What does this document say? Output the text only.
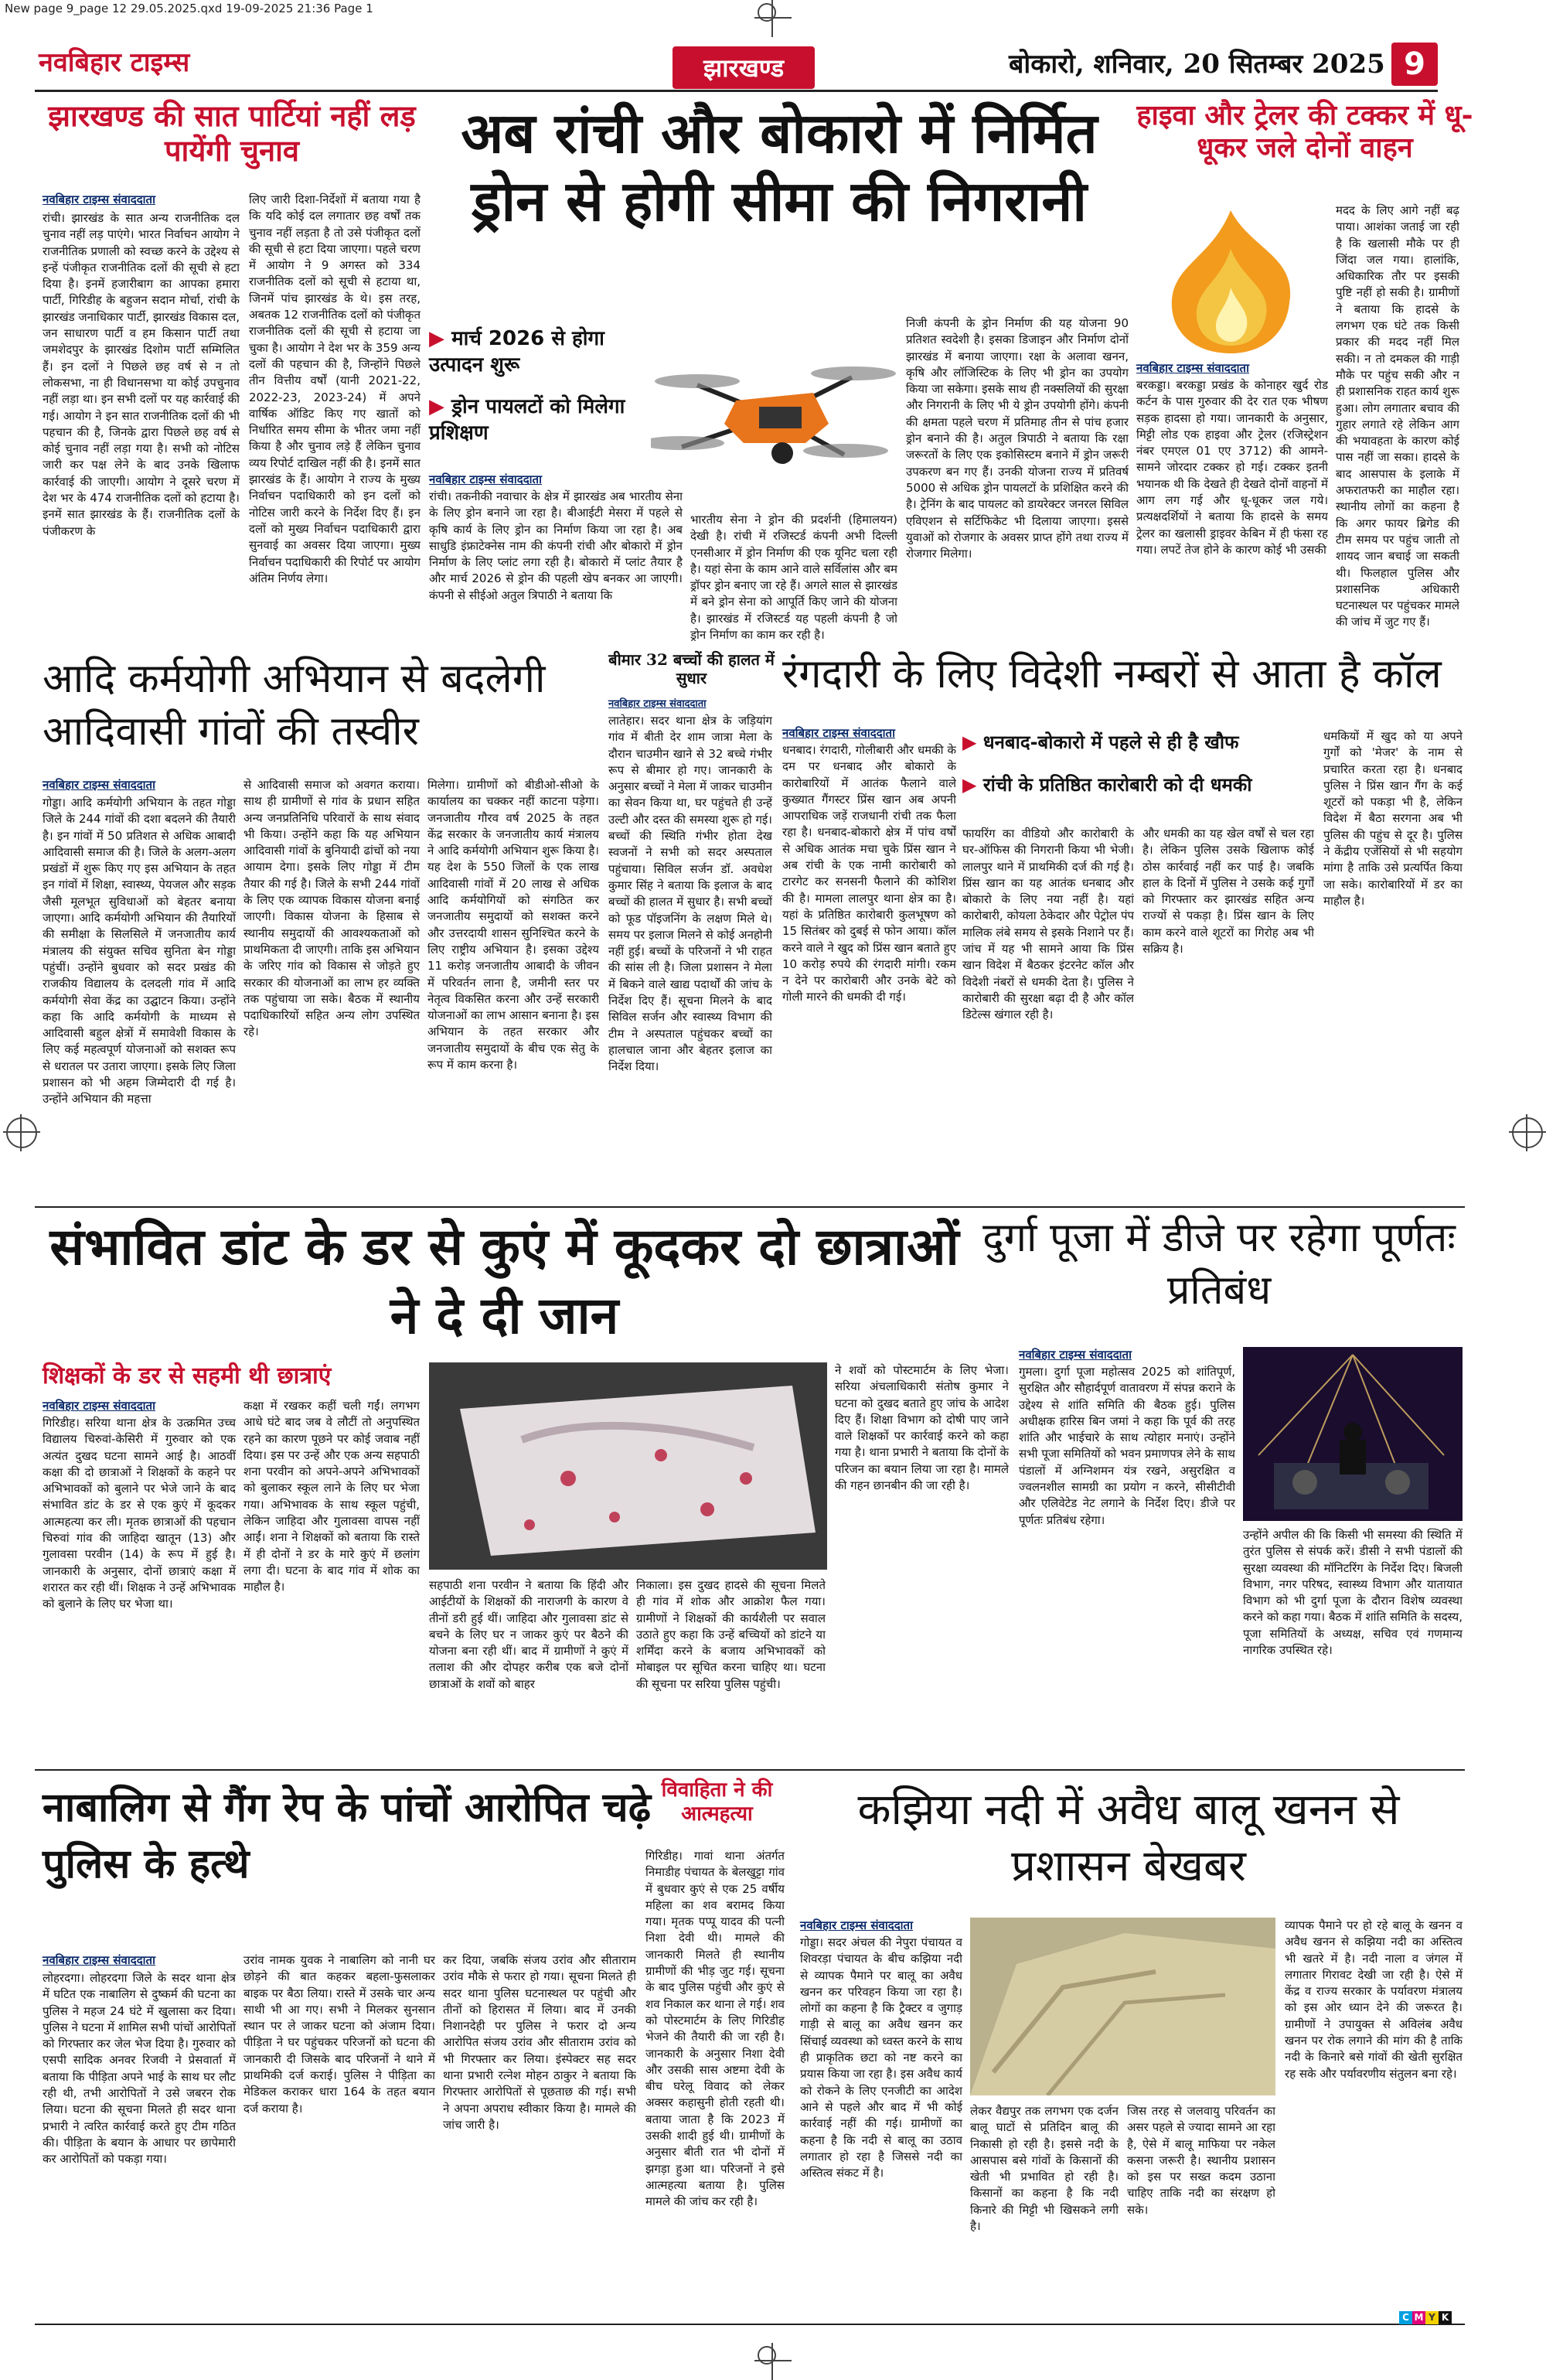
New page 9_page 12 29.05.2025.qxd 19-09-2025 21:36 Page 1
नवबिहार टाइम्स	झारखण्ड	बोकारो, शनिवार, 20 सितम्बर 2025 9
झारखण्ड की सात पार्टियां नहीं लड़ पायेंगी चुनाव
नवबिहार टाइम्स संवाददाता
रांची। झारखंड के सात अन्य राजनीतिक दल चुनाव नहीं लड़ पाएंगे। भारत निर्वाचन आयोग ने राजनीतिक प्रणाली को स्वच्छ करने के उद्देश्य से इन्हें पंजीकृत राजनीतिक दलों की सूची से हटा दिया है। इनमें हजारीबाग का आपका हमारा पार्टी, गिरिडीह के बहुजन सदान मोर्चा, रांची के झारखंड जनाधिकार पार्टी, झारखंड विकास दल, जन साधारण पार्टी व हम किसान पार्टी तथा जमशेदपुर के झारखंड दिशोम पार्टी सम्मिलित हैं। इन दलों ने पिछले छह वर्ष से न तो लोकसभा, ना ही विधानसभा या कोई उपचुनाव नहीं लड़ा था। इन सभी दलों पर यह कार्रवाई की गई। आयोग ने इन सात राजनीतिक दलों की भी पहचान की है, जिनके द्वारा पिछले छह वर्ष से कोई चुनाव नहीं लड़ा गया है। सभी को नोटिस जारी कर पक्ष लेने के बाद उनके खिलाफ कार्रवाई की जाएगी। आयोग ने दूसरे चरण में देश भर के 474 राजनीतिक दलों को हटाया है। इनमें सात झारखंड के हैं। राजनीतिक दलों के पंजीकरण के
लिए जारी दिशा-निर्देशों में बताया गया है कि यदि कोई दल लगातार छह वर्षों तक चुनाव नहीं लड़ता है तो उसे पंजीकृत दलों की सूची से हटा दिया जाएगा। पहले चरण में आयोग ने 9 अगस्त को 334 राजनीतिक दलों को सूची से हटाया था, जिनमें पांच झारखंड के थे। इस तरह, अबतक 12 राजनीतिक दलों को पंजीकृत राजनीतिक दलों की सूची से हटाया जा चुका है। आयोग ने देश भर के 359 अन्य दलों की पहचान की है, जिन्होंने पिछले तीन वित्तीय वर्षों (यानी 2021-22, 2022-23, 2023-24) में अपने वार्षिक ऑडिट किए गए खातों को निर्धारित समय सीमा के भीतर जमा नहीं किया है और चुनाव लड़े हैं लेकिन चुनाव व्यय रिपोर्ट दाखिल नहीं की है। इनमें सात झारखंड के हैं। आयोग ने राज्य के मुख्य निर्वाचन पदाधिकारी को इन दलों को नोटिस जारी करने के निर्देश दिए हैं। इन दलों को मुख्य निर्वाचन पदाधिकारी द्वारा सुनवाई का अवसर दिया जाएगा। मुख्य निर्वाचन पदाधिकारी की रिपोर्ट पर आयोग अंतिम निर्णय लेगा।
अब रांची और बोकारो में निर्मित ड्रोन से होगी सीमा की निगरानी
▶ मार्च 2026 से होगा उत्पादन शुरू
▶ ड्रोन पायलटों को मिलेगा प्रशिक्षण
नवबिहार टाइम्स संवाददाता
रांची। तकनीकी नवाचार के क्षेत्र में झारखंड अब भारतीय सेना के लिए ड्रोन बनाने जा रहा है। बीआईटी मेसरा में पहले से कृषि कार्य के लिए ड्रोन का निर्माण किया जा रहा है। अब साधुडि इंफ्राटेक्नेस नाम की कंपनी रांची और बोकारो में ड्रोन निर्माण के लिए प्लांट लगा रही है। बोकारो में प्लांट तैयार है और मार्च 2026 से ड्रोन की पहली खेप बनकर आ जाएगी। कंपनी से सीईओ अतुल त्रिपाठी ने बताया कि
भारतीय सेना ने ड्रोन की प्रदर्शनी (हिमालयन) देखी है। रांची में रजिस्टर्ड कंपनी अभी दिल्ली एनसीआर में ड्रोन निर्माण की एक यूनिट चला रही है। यहां सेना के काम आने वाले सर्विलांस और बम ड्रॉपर ड्रोन बनाए जा रहे हैं। अगले साल से झारखंड में बने ड्रोन सेना को आपूर्ति किए जाने की योजना है। झारखंड में रजिस्टर्ड यह पहली कंपनी है जो ड्रोन निर्माण का काम कर रही है।
निजी कंपनी के ड्रोन निर्माण की यह योजना 90 प्रतिशत स्वदेशी है। इसका डिजाइन और निर्माण दोनों झारखंड में बनाया जाएगा। रक्षा के अलावा खनन, कृषि और लॉजिस्टिक के लिए भी ड्रोन का उपयोग किया जा सकेगा। इसके साथ ही नक्सलियों की सुरक्षा और निगरानी के लिए भी ये ड्रोन उपयोगी होंगे। कंपनी की क्षमता पहले चरण में प्रतिमाह तीन से पांच हजार ड्रोन बनाने की है। अतुल त्रिपाठी ने बताया कि रक्षा जरूरतों के लिए एक इकोसिस्टम बनाने में ड्रोन जरूरी उपकरण बन गए हैं। उनकी योजना राज्य में प्रतिवर्ष 5000 से अधिक ड्रोन पायलटों के प्रशिक्षित करने की है। ट्रेनिंग के बाद पायलट को डायरेक्टर जनरल सिविल एविएशन से सर्टिफिकेट भी दिलाया जाएगा। इससे युवाओं को रोजगार के अवसर प्राप्त होंगे तथा राज्य में रोजगार मिलेगा।
हाइवा और ट्रेलर की टक्कर में धू-धूकर जले दोनों वाहन
नवबिहार टाइम्स संवाददाता
बरकड्डा। बरकड्डा प्रखंड के कोनाहर खुर्द रोड कर्टन के पास गुरुवार की देर रात एक भीषण सड़क हादसा हो गया। जानकारी के अनुसार, मिट्टी लोड एक हाइवा और ट्रेलर (रजिस्ट्रेशन नंबर एमएल 01 एए 3712) की आमने-सामने जोरदार टक्कर हो गई। टक्कर इतनी भयानक थी कि देखते ही देखते दोनों वाहनों में आग लग गई और धू-धूकर जल गये। प्रत्यक्षदर्शियों ने बताया कि हादसे के समय ट्रेलर का खलासी ड्राइवर केबिन में ही फंसा रह गया। लपटें तेज होने के कारण कोई भी उसकी
मदद के लिए आगे नहीं बढ़ पाया। आशंका जताई जा रही है कि खलासी मौके पर ही जिंदा जल गया। हालांकि, अधिकारिक तौर पर इसकी पुष्टि नहीं हो सकी है। ग्रामीणों ने बताया कि हादसे के लगभग एक घंटे तक किसी प्रकार की मदद नहीं मिल सकी। न तो दमकल की गाड़ी मौके पर पहुंच सकी और न ही प्रशासनिक राहत कार्य शुरू हुआ। लोग लगातार बचाव की गुहार लगाते रहे लेकिन आग की भयावहता के कारण कोई पास नहीं जा सका। हादसे के बाद आसपास के इलाके में अफरातफरी का माहौल रहा। स्थानीय लोगों का कहना है कि अगर फायर ब्रिगेड की टीम समय पर पहुंच जाती तो शायद जान बचाई जा सकती थी। फिलहाल पुलिस और प्रशासनिक अधिकारी घटनास्थल पर पहुंचकर मामले की जांच में जुट गए हैं।
आदि कर्मयोगी अभियान से बदलेगी आदिवासी गांवों की तस्वीर
नवबिहार टाइम्स संवाददाता
गोड्डा। आदि कर्मयोगी अभियान के तहत गोड्डा जिले के 244 गांवों की दशा बदलने की तैयारी है। इन गांवों में 50 प्रतिशत से अधिक आबादी आदिवासी समाज की है। जिले के अलग-अलग प्रखंडों में शुरू किए गए इस अभियान के तहत इन गांवों में शिक्षा, स्वास्थ्य, पेयजल और सड़क जैसी मूलभूत सुविधाओं को बेहतर बनाया जाएगा। आदि कर्मयोगी अभियान की तैयारियों की समीक्षा के सिलसिले में जनजातीय कार्य मंत्रालय की संयुक्त सचिव सुनिता बेन गोड्डा पहुंचीं। उन्होंने बुधवार को सदर प्रखंड की राजकीय विद्यालय के दलदली गांव में आदि कर्मयोगी सेवा केंद्र का उद्घाटन किया। उन्होंने कहा कि आदि कर्मयोगी के माध्यम से आदिवासी बहुल क्षेत्रों में समावेशी विकास के लिए कई महत्वपूर्ण योजनाओं को सशक्त रूप से धरातल पर उतारा जाएगा। इसके लिए जिला प्रशासन को भी अहम जिम्मेदारी दी गई है। उन्होंने अभियान की महत्ता
से आदिवासी समाज को अवगत कराया। साथ ही ग्रामीणों से गांव के प्रधान सहित अन्य जनप्रतिनिधि परिवारों के साथ संवाद भी किया। उन्होंने कहा कि यह अभियान आदिवासी गांवों के बुनियादी ढांचों को नया आयाम देगा। इसके लिए गोड्डा में टीम तैयार की गई है। जिले के सभी 244 गांवों के लिए एक व्यापक विकास योजना बनाई जाएगी। विकास योजना के हिसाब से स्थानीय समुदायों की आवश्यकताओं को प्राथमिकता दी जाएगी। ताकि इस अभियान के जरिए गांव को विकास से जोड़ते हुए सरकार की योजनाओं का लाभ हर व्यक्ति तक पहुंचाया जा सके। बैठक में स्थानीय पदाधिकारियों सहित अन्य लोग उपस्थित रहे।
मिलेगा। ग्रामीणों को बीडीओ-सीओ के कार्यालय का चक्कर नहीं काटना पड़ेगा। जनजातीय गौरव वर्ष 2025 के तहत केंद्र सरकार के जनजातीय कार्य मंत्रालय ने आदि कर्मयोगी अभियान शुरू किया है। यह देश के 550 जिलों के एक लाख आदिवासी गांवों में 20 लाख से अधिक आदि कर्मयोगियों को संगठित कर जनजातीय समुदायों को सशक्त करने और उत्तरदायी शासन सुनिश्चित करने के लिए राष्ट्रीय अभियान है। इसका उद्देश्य 11 करोड़ जनजातीय आबादी के जीवन में परिवर्तन लाना है, जमीनी स्तर पर नेतृत्व विकसित करना और उन्हें सरकारी योजनाओं का लाभ आसान बनाना है। इस अभियान के तहत सरकार और जनजातीय समुदायों के बीच एक सेतु के रूप में काम करना है।
बीमार 32 बच्चों की हालत में सुधार
नवबिहार टाइम्स संवाददाता
लातेहार। सदर थाना क्षेत्र के जड़ियांग गांव में बीती देर शाम जात्रा मेला के दौरान चाउमीन खाने से 32 बच्चे गंभीर रूप से बीमार हो गए। जानकारी के अनुसार बच्चों ने मेला में जाकर चाउमीन का सेवन किया था, घर पहुंचते ही उन्हें उल्टी और दस्त की समस्या शुरू हो गई। बच्चों की स्थिति गंभीर होता देख स्वजनों ने सभी को सदर अस्पताल पहुंचाया। सिविल सर्जन डॉ. अवधेश कुमार सिंह ने बताया कि इलाज के बाद बच्चों की हालत में सुधार है। सभी बच्चों को फूड पॉइजनिंग के लक्षण मिले थे। समय पर इलाज मिलने से कोई अनहोनी नहीं हुई। बच्चों के परिजनों ने भी राहत की सांस ली है। जिला प्रशासन ने मेला में बिकने वाले खाद्य पदार्थों की जांच के निर्देश दिए हैं। सूचना मिलने के बाद सिविल सर्जन और स्वास्थ्य विभाग की टीम ने अस्पताल पहुंचकर बच्चों का हालचाल जाना और बेहतर इलाज का निर्देश दिया।
रंगदारी के लिए विदेशी नम्बरों से आता है कॉल
नवबिहार टाइम्स संवाददाता
धनबाद। रंगदारी, गोलीबारी और धमकी के दम पर धनबाद और बोकारो के कारोबारियों में आतंक फैलाने वाले कुख्यात गैंगस्टर प्रिंस खान अब अपनी आपराधिक जड़ें राजधानी रांची तक फैला रहा है। धनबाद-बोकारो क्षेत्र में पांच वर्षों से अधिक आतंक मचा चुके प्रिंस खान ने अब रांची के एक नामी कारोबारी को टारगेट कर सनसनी फैलाने की कोशिश की है। मामला लालपुर थाना क्षेत्र का है। यहां के प्रतिष्ठित कारोबारी कुलभूषण को 15 सितंबर को दुबई से फोन आया। कॉल करने वाले ने खुद को प्रिंस खान बताते हुए 10 करोड़ रुपये की रंगदारी मांगी। रकम न देने पर कारोबारी और उनके बेटे को गोली मारने की धमकी दी गई।
▶ धनबाद-बोकारो में पहले से ही है खौफ
▶ रांची के प्रतिष्ठित कारोबारी को दी धमकी
फायरिंग का वीडियो और कारोबारी के घर-ऑफिस की निगरानी किया भी भेजी। लालपुर थाने में प्राथमिकी दर्ज की गई है। प्रिंस खान का यह आतंक धनबाद और बोकारो के लिए नया नहीं है। यहां कारोबारी, कोयला ठेकेदार और पेट्रोल पंप मालिक लंबे समय से इसके निशाने पर हैं। जांच में यह भी सामने आया कि प्रिंस खान विदेश में बैठकर इंटरनेट कॉल और विदेशी नंबरों से धमकी देता है। पुलिस ने कारोबारी की सुरक्षा बढ़ा दी है और कॉल डिटेल्स खंगाल रही है।
और धमकी का यह खेल वर्षों से चल रहा है। लेकिन पुलिस उसके खिलाफ कोई ठोस कार्रवाई नहीं कर पाई है। जबकि हाल के दिनों में पुलिस ने उसके कई गुर्गों को गिरफ्तार कर झारखंड सहित अन्य राज्यों से पकड़ा है। प्रिंस खान के लिए काम करने वाले शूटरों का गिरोह अब भी सक्रिय है।
धमकियों में खुद को या अपने गुर्गों को 'मेजर' के नाम से प्रचारित करता रहा है। धनबाद पुलिस ने प्रिंस खान गैंग के कई शूटरों को पकड़ा भी है, लेकिन विदेश में बैठा सरगना अब भी पुलिस की पहुंच से दूर है। पुलिस ने केंद्रीय एजेंसियों से भी सहयोग मांगा है ताकि उसे प्रत्यर्पित किया जा सके। कारोबारियों में डर का माहौल है।
संभावित डांट के डर से कुएं में कूदकर दो छात्राओं ने दे दी जान
शिक्षकों के डर से सहमी थी छात्राएं
नवबिहार टाइम्स संवाददाता
गिरिडीह। सरिया थाना क्षेत्र के उत्क्रमित उच्च विद्यालय चिरुवां-केसिरी में गुरुवार को एक अत्यंत दुखद घटना सामने आई है। आठवीं कक्षा की दो छात्राओं ने शिक्षकों के कहने पर अभिभावकों को बुलाने पर भेजे जाने के बाद संभावित डांट के डर से एक कुएं में कूदकर आत्महत्या कर ली। मृतक छात्राओं की पहचान चिरुवां गांव की जाहिदा खातून (13) और गुलावसा परवीन (14) के रूप में हुई है। जानकारी के अनुसार, दोनों छात्राएं कक्षा में शरारत कर रही थीं। शिक्षक ने उन्हें अभिभावक को बुलाने के लिए घर भेजा था।
कक्षा में रखकर कहीं चली गईं। लगभग आधे घंटे बाद जब वे लौटीं तो अनुपस्थित रहने का कारण पूछने पर कोई जवाब नहीं दिया। इस पर उन्हें और एक अन्य सहपाठी शना परवीन को अपने-अपने अभिभावकों को बुलाकर स्कूल लाने के लिए घर भेजा गया। अभिभावक के साथ स्कूल पहुंची, लेकिन जाहिदा और गुलावसा वापस नहीं आईं। शना ने शिक्षकों को बताया कि रास्ते में ही दोनों ने डर के मारे कुएं में छलांग लगा दी। घटना के बाद गांव में शोक का माहौल है।	सहपाठी शना परवीन ने बताया कि हिंदी और आईटीयों के शिक्षकों की नाराजगी के कारण वे तीनों डरी हुई थीं। जाहिदा और गुलावसा डांट से बचने के लिए घर न जाकर कुएं पर बैठने की योजना बना रही थीं। बाद में ग्रामीणों ने कुएं में तलाश की और दोपहर करीब एक बजे दोनों छात्राओं के शवों को बाहर
निकाला। इस दुखद हादसे की सूचना मिलते ही गांव में शोक और आक्रोश फैल गया। ग्रामीणों ने शिक्षकों की कार्यशैली पर सवाल उठाते हुए कहा कि उन्हें बच्चियों को डांटने या शर्मिंदा करने के बजाय अभिभावकों को मोबाइल पर सूचित करना चाहिए था। घटना की सूचना पर सरिया पुलिस पहुंची।
ने शवों को पोस्टमार्टम के लिए भेजा। सरिया अंचलाधिकारी संतोष कुमार ने घटना को दुखद बताते हुए जांच के आदेश दिए हैं। शिक्षा विभाग को दोषी पाए जाने वाले शिक्षकों पर कार्रवाई करने को कहा गया है। थाना प्रभारी ने बताया कि दोनों के परिजन का बयान लिया जा रहा है। मामले की गहन छानबीन की जा रही है।
दुर्गा पूजा में डीजे पर रहेगा पूर्णतः प्रतिबंध
नवबिहार टाइम्स संवाददाता
गुमला। दुर्गा पूजा महोत्सव 2025 को शांतिपूर्ण, सुरक्षित और सौहार्दपूर्ण वातावरण में संपन्न कराने के उद्देश्य से शांति समिति की बैठक हुई। पुलिस अधीक्षक हारिस बिन जमां ने कहा कि पूर्व की तरह शांति और भाईचारे के साथ त्योहार मनाएं। उन्होंने सभी पूजा समितियों को भवन प्रमाणपत्र लेने के साथ पंडालों में अग्निशमन यंत्र रखने, असुरक्षित व ज्वलनशील सामग्री का प्रयोग न करने, सीसीटीवी और एलिवेटेड नेट लगाने के निर्देश दिए। डीजे पर पूर्णतः प्रतिबंध रहेगा।
उन्होंने अपील की कि किसी भी समस्या की स्थिति में तुरंत पुलिस से संपर्क करें। डीसी ने सभी पंडालों की सुरक्षा व्यवस्था की मॉनिटरिंग के निर्देश दिए। बिजली विभाग, नगर परिषद, स्वास्थ्य विभाग और यातायात विभाग को भी दुर्गा पूजा के दौरान विशेष व्यवस्था करने को कहा गया। बैठक में शांति समिति के सदस्य, पूजा समितियों के अध्यक्ष, सचिव एवं गणमान्य नागरिक उपस्थित रहे।
नाबालिग से गैंग रेप के पांचों आरोपित चढ़े पुलिस के हत्थे
नवबिहार टाइम्स संवाददाता
लोहरदगा। लोहरदगा जिले के सदर थाना क्षेत्र में घटित एक नाबालिग से दुष्कर्म की घटना का पुलिस ने महज 24 घंटे में खुलासा कर दिया। पुलिस ने घटना में शामिल सभी पांचों आरोपितों को गिरफ्तार कर जेल भेज दिया है। गुरुवार को एसपी सादिक अनवर रिजवी ने प्रेसवार्ता में बताया कि पीड़िता अपने भाई के साथ घर लौट रही थी, तभी आरोपितों ने उसे जबरन रोक लिया। घटना की सूचना मिलते ही सदर थाना प्रभारी ने त्वरित कार्रवाई करते हुए टीम गठित की। पीड़िता के बयान के आधार पर छापेमारी कर आरोपितों को पकड़ा गया।
उरांव नामक युवक ने नाबालिग को नानी घर छोड़ने की बात कहकर बहला-फुसलाकर बाइक पर बैठा लिया। रास्ते में उसके चार अन्य साथी भी आ गए। सभी ने मिलकर सुनसान स्थान पर ले जाकर घटना को अंजाम दिया। पीड़िता ने घर पहुंचकर परिजनों को घटना की जानकारी दी जिसके बाद परिजनों ने थाने में प्राथमिकी दर्ज कराई। पुलिस ने पीड़िता का मेडिकल कराकर धारा 164 के तहत बयान दर्ज कराया है।
कर दिया, जबकि संजय उरांव और सीताराम उरांव मौके से फरार हो गया। सूचना मिलते ही सदर थाना पुलिस घटनास्थल पर पहुंची और तीनों को हिरासत में लिया। बाद में उनकी निशानदेही पर पुलिस ने फरार दो अन्य आरोपित संजय उरांव और सीताराम उरांव को भी गिरफ्तार कर लिया। इंस्पेक्टर सह सदर थाना प्रभारी रत्नेश मोहन ठाकुर ने बताया कि गिरफ्तार आरोपितों से पूछताछ की गई। सभी ने अपना अपराध स्वीकार किया है। मामले की जांच जारी है।
विवाहिता ने की आत्महत्या
गिरिडीह। गावां थाना अंतर्गत निमाडीह पंचायत के बेलखुट्टा गांव में बुधवार कुएं से एक 25 वर्षीय महिला का शव बरामद किया गया। मृतक पप्पू यादव की पत्नी निशा देवी थी। मामले की जानकारी मिलते ही स्थानीय ग्रामीणों की भीड़ जुट गई। सूचना के बाद पुलिस पहुंची और कुएं से शव निकाल कर थाना ले गई। शव को पोस्टमार्टम के लिए गिरिडीह भेजने की तैयारी की जा रही है। जानकारी के अनुसार निशा देवी और उसकी सास अष्टमा देवी के बीच घरेलू विवाद को लेकर अक्सर कहासुनी होती रहती थी। बताया जाता है कि 2023 में उसकी शादी हुई थी। ग्रामीणों के अनुसार बीती रात भी दोनों में झगड़ा हुआ था। परिजनों ने इसे आत्महत्या बताया है। पुलिस मामले की जांच कर रही है।
कझिया नदी में अवैध बालू खनन से प्रशासन बेखबर
नवबिहार टाइम्स संवाददाता
गोड्डा। सदर अंचल की नेपुरा पंचायत व शिवरड़ा पंचायत के बीच कझिया नदी से व्यापक पैमाने पर बालू का अवैध खनन कर परिवहन किया जा रहा है। लोगों का कहना है कि ट्रैक्टर व जुगाड़ गाड़ी से बालू का अवैध खनन कर सिंचाई व्यवस्था को ध्वस्त करने के साथ ही प्राकृतिक छटा को नष्ट करने का प्रयास किया जा रहा है। इस अवैध कार्य को रोकने के लिए एनजीटी का आदेश आने से पहले और बाद में भी कोई कार्रवाई नहीं की गई। ग्रामीणों का कहना है कि नदी से बालू का उठाव लगातार हो रहा है जिससे नदी का अस्तित्व संकट में है।
लेकर वैद्यपुर तक लगभग एक दर्जन बालू घाटों से प्रतिदिन बालू की निकासी हो रही है। इससे नदी के आसपास बसे गांवों के किसानों की खेती भी प्रभावित हो रही है। किसानों का कहना है कि नदी किनारे की मिट्टी भी खिसकने लगी है।
जिस तरह से जलवायु परिवर्तन का असर पहले से ज्यादा सामने आ रहा है, ऐसे में बालू माफिया पर नकेल कसना जरूरी है। स्थानीय प्रशासन को इस पर सख्त कदम उठाना चाहिए ताकि नदी का संरक्षण हो सके।
व्यापक पैमाने पर हो रहे बालू के खनन व अवैध खनन से कझिया नदी का अस्तित्व भी खतरे में है। नदी नाला व जंगल में लगातार गिरावट देखी जा रही है। ऐसे में केंद्र व राज्य सरकार के पर्यावरण मंत्रालय को इस ओर ध्यान देने की जरूरत है। ग्रामीणों ने उपायुक्त से अविलंब अवैध खनन पर रोक लगाने की मांग की है ताकि नदी के किनारे बसे गांवों की खेती सुरक्षित रह सके और पर्यावरणीय संतुलन बना रहे।
C M Y K
